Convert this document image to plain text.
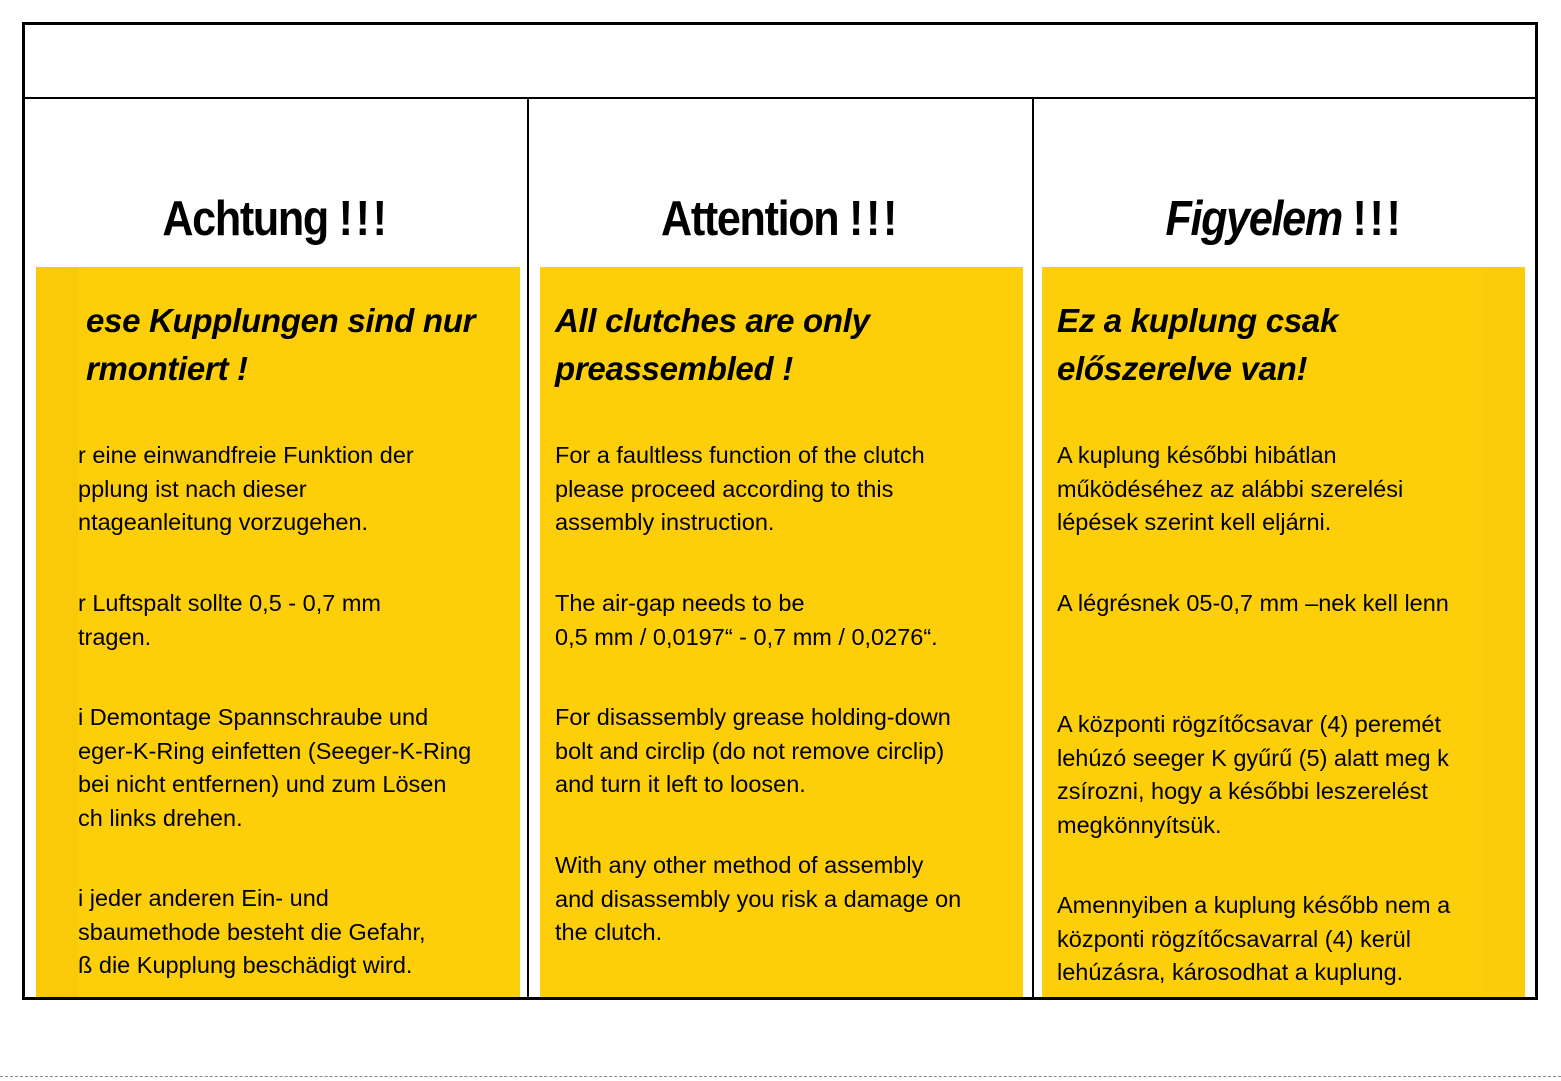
Achtung !!!
ese Kupplungen sind nur
rmontiert !
r eine einwandfreie Funktion der
pplung ist nach dieser
ntageanleitung vorzugehen.
r Luftspalt sollte 0,5 - 0,7 mm
tragen.
i Demontage Spannschraube und
eger-K-Ring einfetten (Seeger-K-Ring
bei nicht entfernen) und zum Lösen
ch links drehen.
i jeder anderen Ein- und
sbaumethode besteht die Gefahr,
ß die Kupplung beschädigt wird.
Attention !!!
All clutches are only
preassembled !
For a faultless function of the clutch
please proceed according to this
assembly instruction.
The air-gap needs to be
0,5 mm / 0,0197“ - 0,7 mm / 0,0276“.
For disassembly grease holding-down
bolt and circlip (do not remove circlip)
and turn it left to loosen.
With any other method of assembly
and disassembly you risk a damage on
the clutch.
Figyelem !!!
Ez a kuplung csak
előszerelve van!
A kuplung későbbi hibátlan
működéséhez az alábbi szerelési
lépések szerint kell eljárni.
A légrésnek 05-0,7 mm –nek kell lenn
A központi rögzítőcsavar (4) peremét
lehúzó seeger K gyűrű (5) alatt meg k
zsírozni, hogy a későbbi leszerelést
megkönnyítsük.
Amennyiben a kuplung később nem a
központi rögzítőcsavarral (4) kerül
lehúzásra, károsodhat a kuplung.
